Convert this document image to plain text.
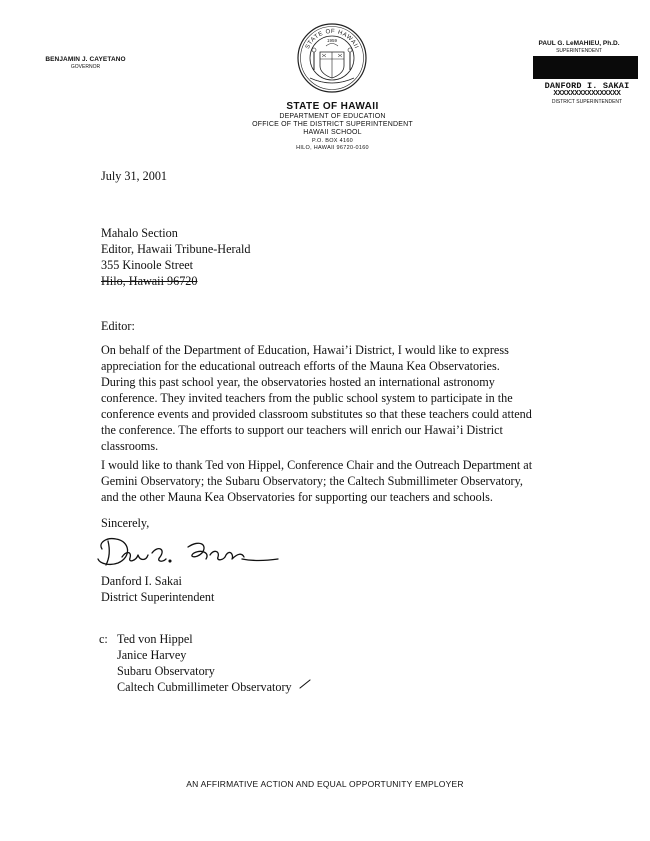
BENJAMIN J. CAYETANO
GOVERNOR
STATE OF HAWAII
1959	PAUL G. LeMAHIEU, Ph.D.
SUPERINTENDENT
DANFORD I. SAKAI
XXXXXXXXXXXXXXXX
DISTRICT SUPERINTENDENT
STATE OF HAWAII
DEPARTMENT OF EDUCATION
OFFICE OF THE DISTRICT SUPERINTENDENT
HAWAII SCHOOL
P.O. BOX 4160
HILO, HAWAII 96720-0160
July 31, 2001
Mahalo Section
Editor, Hawaii Tribune-Herald
355 Kinoole Street
Hilo, Hawaii 96720
Editor:
On behalf of the Department of Education, Hawai’i District, I would like to express
appreciation for the educational outreach efforts of the Mauna Kea Observatories.
During this past school year, the observatories hosted an international astronomy
conference. They invited teachers from the public school system to participate in the
conference events and provided classroom substitutes so that these teachers could attend
the conference. The efforts to support our teachers will enrich our Hawai’i District
classrooms.
I would like to thank Ted von Hippel, Conference Chair and the Outreach Department at
Gemini Observatory; the Subaru Observatory; the Caltech Submillimeter Observatory,
and the other Mauna Kea Observatories for supporting our teachers and schools.
Sincerely,
Danford I. Sakai
District Superintendent
c: Ted von Hippel
Janice Harvey
Subaru Observatory
Caltech Cubmillimeter Observatory
AN AFFIRMATIVE ACTION AND EQUAL OPPORTUNITY EMPLOYER
